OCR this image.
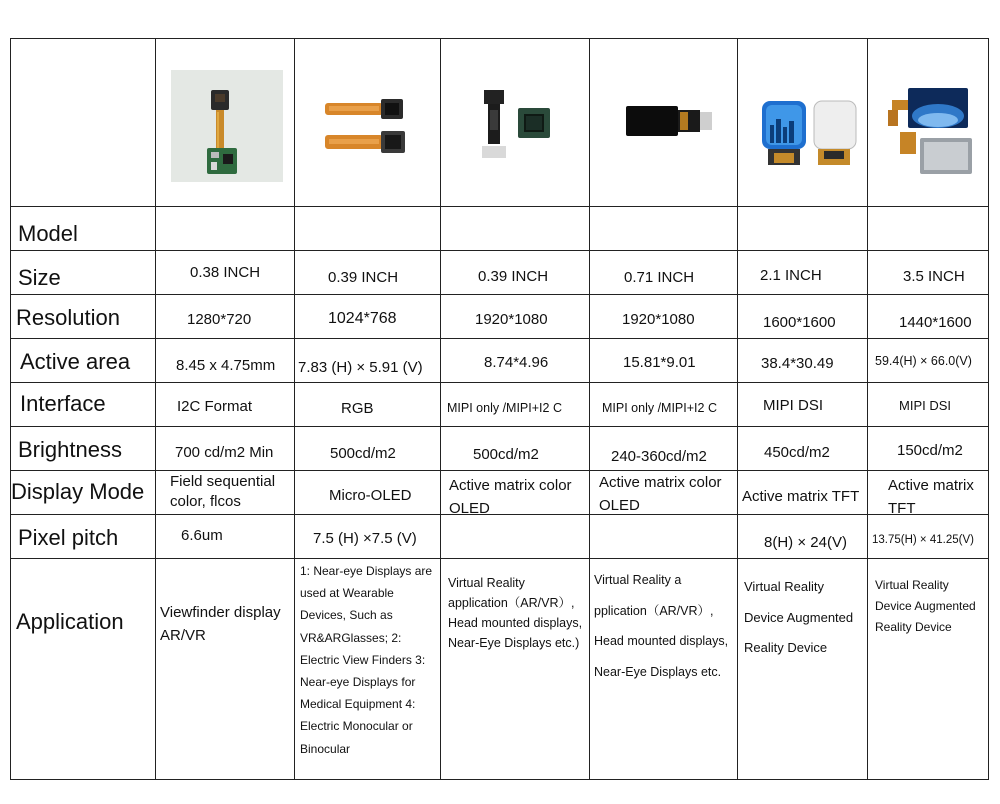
Model
Size
Resolution
Active area
Interface
Brightness
Display Mode
Pixel pitch
Application
0.38 INCH
1280*720
8.45 x 4.75mm
I2C Format
700 cd/m2 Min
Field sequential color, flcos
6.6um
Viewfinder display AR/VR
0.39 INCH
1024*768
7.83 (H) × 5.91 (V)
RGB
500cd/m2
Micro-OLED
7.5 (H) ×7.5 (V)
1: Near-eye Displays are used at Wearable Devices, Such as VR&ARGlasses; 2: Electric View Finders 3: Near-eye Displays for Medical Equipment 4: Electric Monocular or Binocular
0.39 INCH
1920*1080
8.74*4.96
MIPI only /MIPI+I2 C
500cd/m2
Active matrix color OLED
Virtual Reality application（AR/VR）, Head mounted displays, Near-Eye Displays etc.)
0.71 INCH
1920*1080
15.81*9.01
MIPI only /MIPI+I2 C
240-360cd/m2
Active matrix color OLED
Virtual Reality a pplication（AR/VR）, Head mounted displays, Near-Eye Displays etc.
2.1 INCH
1600*1600
38.4*30.49
MIPI DSI
450cd/m2
Active matrix TFT
8(H) × 24(V)
Virtual Reality Device Augmented Reality Device
3.5 INCH
1440*1600
59.4(H) × 66.0(V)
MIPI DSI
150cd/m2
Active matrix TFT
13.75(H) × 41.25(V)
Virtual Reality Device Augmented Reality Device
